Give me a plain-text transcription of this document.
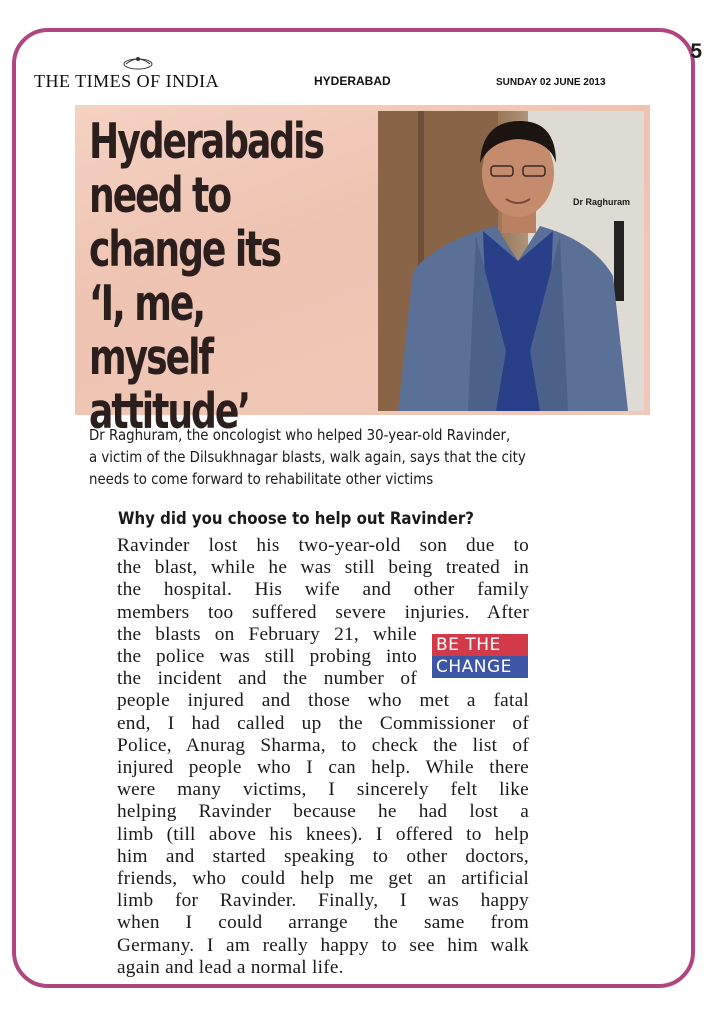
5
THE TIMES OF INDIA	HYDERABAD	SUNDAY 02 JUNE 2013
Hyderabadis
need to
change its
‘I, me, myself
attitude’
Dr Raghuram
Dr Raghuram, the oncologist who helped 30-year-old Ravinder,
a victim of the Dilsukhnagar blasts, walk again, says that the city
needs to come forward to rehabilitate other victims
Why did you choose to help out Ravinder?
Ravinder lost his two-year-old son due to
the blast, while he was still being treated in
the hospital. His wife and other family
members too suffered severe injuries. After
the blasts on February 21, while
the police was still probing into
the incident and the number of
people injured and those who met a fatal
end, I had called up the Commissioner of
Police, Anurag Sharma, to check the list of
injured people who I can help. While there
were many victims, I sincerely felt like
helping Ravinder because he had lost a
limb (till above his knees). I offered to help
him and started speaking to other doctors,
friends, who could help me get an artificial
limb for Ravinder. Finally, I was happy
when I could arrange the same from
Germany. I am really happy to see him walk
again and lead a normal life.
BE THE
CHANGE
